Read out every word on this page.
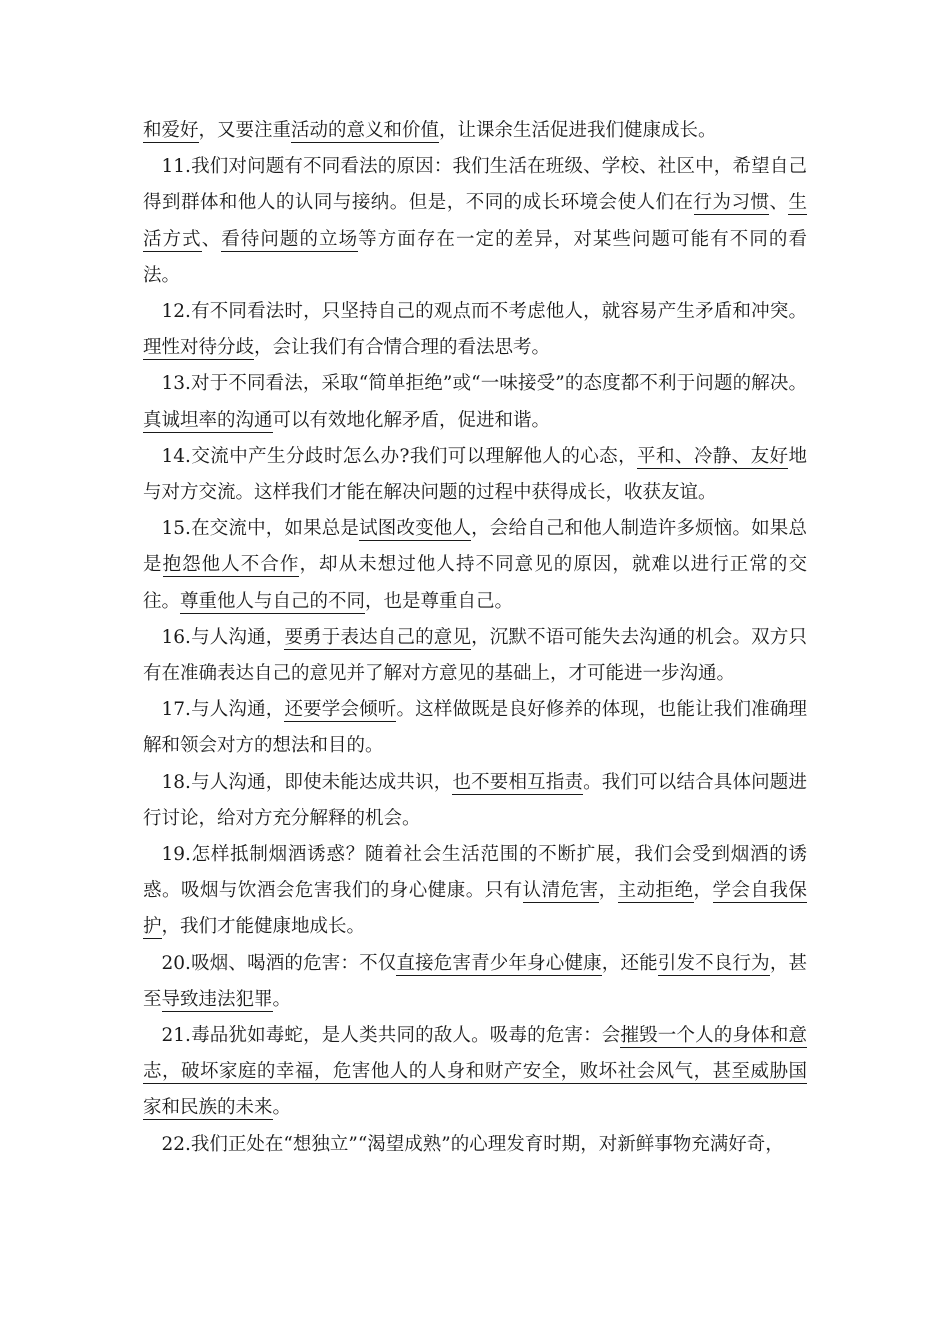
和爱好，又要注重活动的意义和价值，让课余生活促进我们健康成长。

11.我们对问题有不同看法的原因：我们生活在班级、学校、社区中，希望自己得到群体和他人的认同与接纳。但是，不同的成长环境会使人们在行为习惯、生活方式、看待问题的立场等方面存在一定的差异，对某些问题可能有不同的看法。

12.有不同看法时，只坚持自己的观点而不考虑他人，就容易产生矛盾和冲突。理性对待分歧，会让我们有合情合理的看法思考。

13.对于不同看法，采取“简单拒绝”或“一味接受”的态度都不利于问题的解决。真诚坦率的沟通可以有效地化解矛盾，促进和谐。

14.交流中产生分歧时怎么办?我们可以理解他人的心态，平和、冷静、友好地与对方交流。这样我们才能在解决问题的过程中获得成长，收获友谊。

15.在交流中，如果总是试图改变他人，会给自己和他人制造许多烦恼。如果总是抱怨他人不合作，却从未想过他人持不同意见的原因，就难以进行正常的交往。尊重他人与自己的不同，也是尊重自己。

16.与人沟通，要勇于表达自己的意见，沉默不语可能失去沟通的机会。双方只有在准确表达自己的意见并了解对方意见的基础上，才可能进一步沟通。

17.与人沟通，还要学会倾听。这样做既是良好修养的体现，也能让我们准确理解和领会对方的想法和目的。

18.与人沟通，即使未能达成共识，也不要相互指责。我们可以结合具体问题进行讨论，给对方充分解释的机会。

19.怎样抵制烟酒诱惑？随着社会生活范围的不断扩展，我们会受到烟酒的诱惑。吸烟与饮酒会危害我们的身心健康。只有认清危害，主动拒绝，学会自我保护，我们才能健康地成长。

20.吸烟、喝酒的危害：不仅直接危害青少年身心健康，还能引发不良行为，甚至导致违法犯罪。

21.毒品犹如毒蛇，是人类共同的敌人。吸毒的危害：会摧毁一个人的身体和意志，破坏家庭的幸福，危害他人的人身和财产安全，败坏社会风气，甚至威胁国家和民族的未来。

22.我们正处在“想独立”“渴望成熟”的心理发育时期，对新鲜事物充满好奇，
